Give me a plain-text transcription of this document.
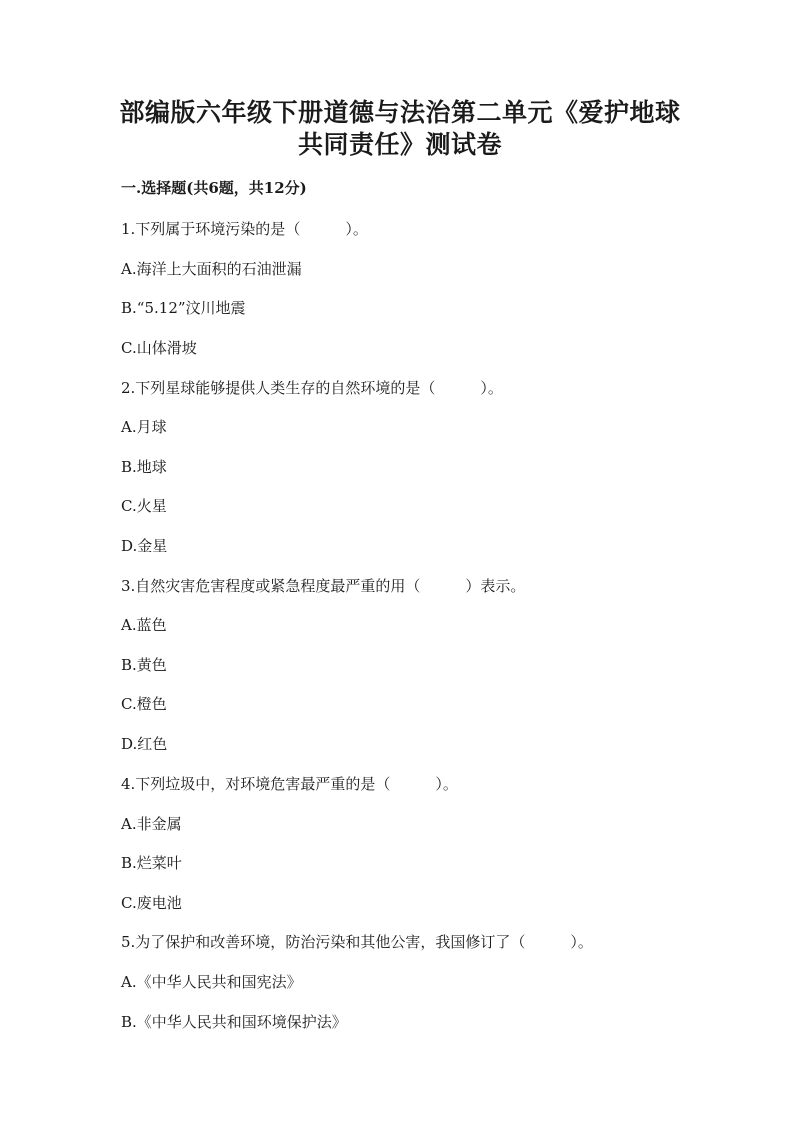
部编版六年级下册道德与法治第二单元《爱护地球
共同责任》测试卷
一.选择题(共6题，共12分)
1.下列属于环境污染的是（　　　）。
A.海洋上大面积的石油泄漏
B.“5.12”汶川地震
C.山体滑坡
2.下列星球能够提供人类生存的自然环境的是（　　　）。
A.月球
B.地球
C.火星
D.金星
3.自然灾害危害程度或紧急程度最严重的用（　　　）表示。
A.蓝色
B.黄色
C.橙色
D.红色
4.下列垃圾中，对环境危害最严重的是（　　　）。
A.非金属
B.烂菜叶
C.废电池
5.为了保护和改善环境，防治污染和其他公害，我国修订了（　　　）。
A.《中华人民共和国宪法》
B.《中华人民共和国环境保护法》
